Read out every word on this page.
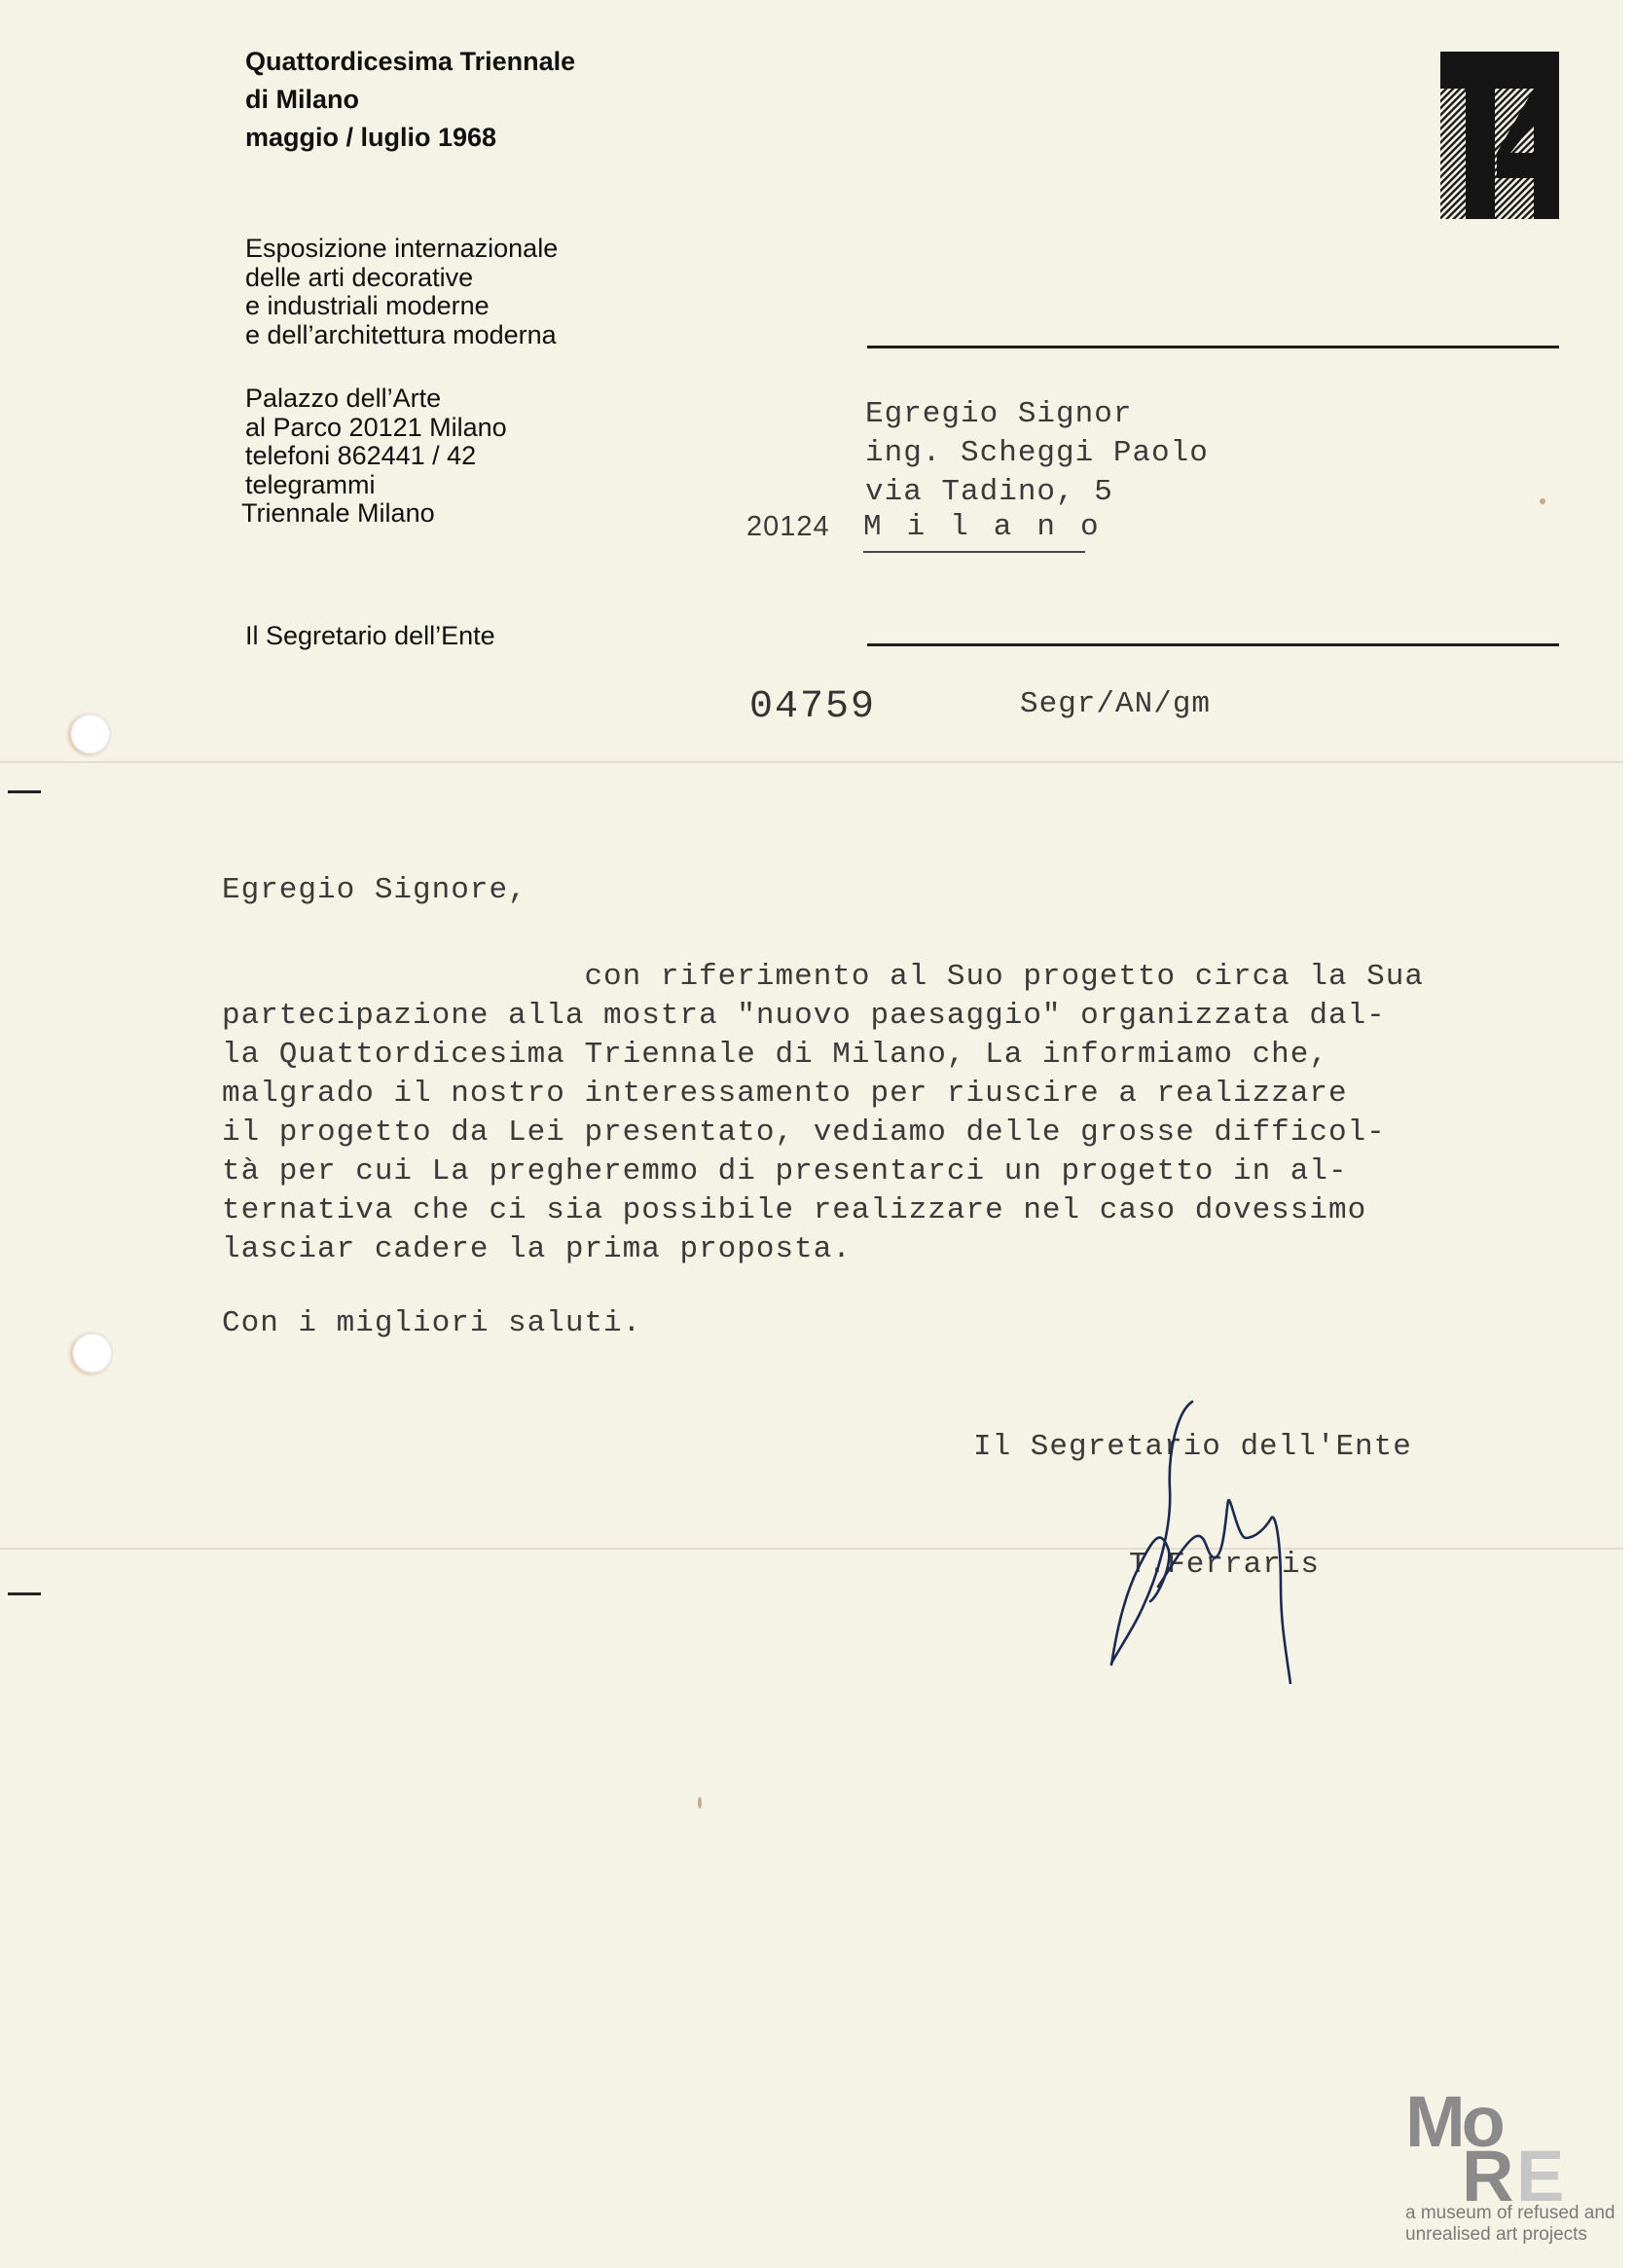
Quattordicesima Triennale
di Milano
maggio / luglio 1968
Esposizione internazionale
delle arti decorative
e industriali moderne
e dell’architettura moderna
Palazzo dell’Arte
al Parco 20121 Milano
telefoni 862441 / 42
telegrammi
Triennale Milano
Il Segretario dell’Ente
Egregio Signor
ing. Scheggi Paolo
via Tadino, 5
20124 Milano
04759	Segr/AN/gm
Egregio Signore,
con riferimento al Suo progetto circa la Sua
partecipazione alla mostra "nuovo paesaggio" organizzata dal-
la Quattordicesima Triennale di Milano, La informiamo che,
malgrado il nostro interessamento per riuscire a realizzare
il progetto da Lei presentato, vediamo delle grosse difficol-
tà per cui La pregheremmo di presentarci un progetto in al-
ternativa che ci sia possibile realizzare nel caso dovessimo
lasciar cadere la prima proposta.
Con i migliori saluti.
Il Segretario dell'Ente
T.Ferraris
Mo
R E
a museum of refused and
unrealised art projects
